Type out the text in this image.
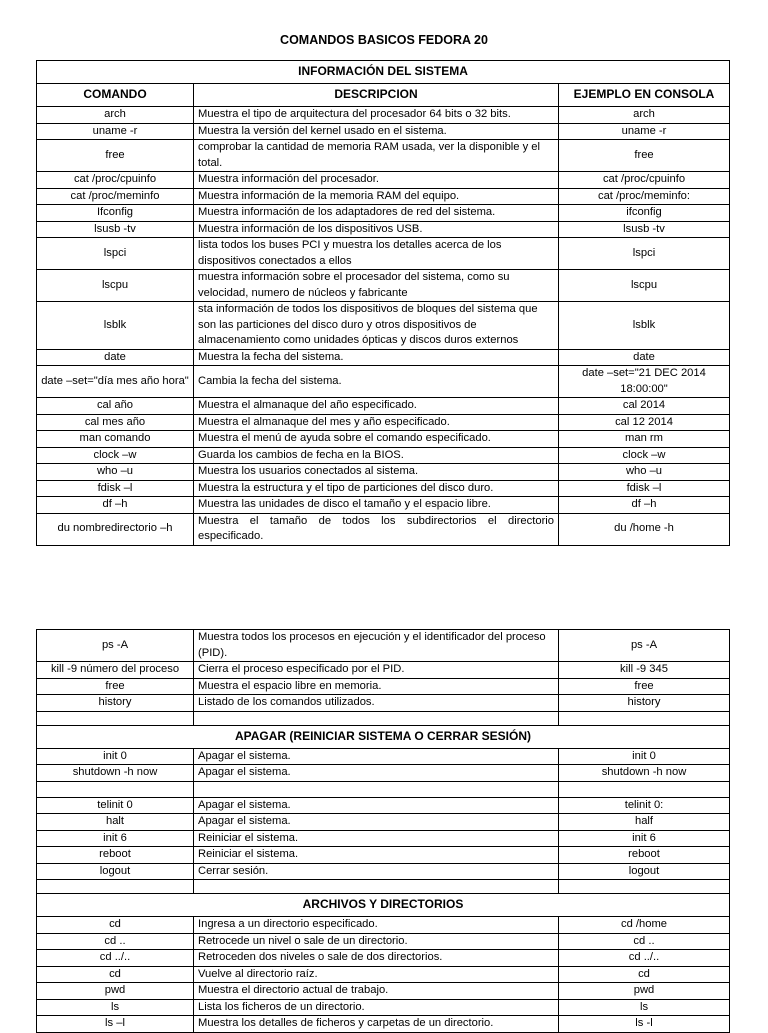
COMANDOS BASICOS FEDORA 20
INFORMACIÓN DEL SISTEMA		
COMANDO	DESCRIPCION	EJEMPLO EN CONSOLA
arch	Muestra el tipo de arquitectura del procesador 64 bits o 32 bits.	arch
uname -r	Muestra la versión del kernel usado en el sistema.	uname -r
free	comprobar la cantidad de memoria RAM usada, ver la disponible y el total.	free
cat /proc/cpuinfo	Muestra información del procesador.	cat /proc/cpuinfo
cat /proc/meminfo	Muestra información de la memoria RAM del equipo.	cat /proc/meminfo:
Ifconfig	Muestra información de los adaptadores de red del sistema.	ifconfig
lsusb -tv	Muestra información de los dispositivos USB.	lsusb -tv
lspci	lista todos los buses PCI y muestra los detalles acerca de los dispositivos conectados a ellos	lspci
lscpu	muestra información sobre el procesador del sistema, como su velocidad, numero de núcleos y fabricante	lscpu
lsblk	sta información de todos los dispositivos de bloques del sistema que son las particiones del disco duro y otros dispositivos de almacenamiento como unidades ópticas y discos duros externos	lsblk
date	Muestra la fecha del sistema.	date
date –set="día mes año hora"	Cambia la fecha del sistema.	date –set="21 DEC 2014 18:00:00"
cal año	Muestra el almanaque del año especificado.	cal 2014
cal mes año	Muestra el almanaque del mes y año especificado.	cal 12 2014
man comando	Muestra el menú de ayuda sobre el comando especificado.	man rm
clock –w	Guarda los cambios de fecha en la BIOS.	clock –w
who –u	Muestra los usuarios conectados al sistema.	who –u
fdisk –l	Muestra la estructura y el tipo de particiones del disco duro.	fdisk –l
df –h	Muestra las unidades de disco el tamaño y el espacio libre.	df –h
du nombredirectorio –h	Muestra el tamaño de todos los subdirectorios el directorio especificado.	du /home -h
ps -A	Muestra todos los procesos en ejecución y el identificador del proceso (PID).	ps -A
kill -9 número del proceso	Cierra el proceso especificado por el PID.	kill -9 345
free	Muestra el espacio libre en memoria.	free
history	Listado de los comandos utilizados.	history

APAGAR (REINICIAR SISTEMA O CERRAR SESIÓN)		
init 0	Apagar el sistema.	init 0
shutdown -h now	Apagar el sistema.	shutdown -h now

telinit 0	Apagar el sistema.	telinit 0:
halt	Apagar el sistema.	half
init 6	Reiniciar el sistema.	init 6
reboot	Reiniciar el sistema.	reboot
logout	Cerrar sesión.	logout

ARCHIVOS Y DIRECTORIOS		
cd	Ingresa a un directorio especificado.	cd /home
cd ..	Retrocede un nivel o sale de un directorio.	cd ..
cd ../..	Retroceden dos niveles o sale de dos directorios.	cd ../..
cd	Vuelve al directorio raíz.	cd
pwd	Muestra el directorio actual de trabajo.	pwd
ls	Lista los ficheros de un directorio.	ls
ls –l	Muestra los detalles de ficheros y carpetas de un directorio.	ls -l
